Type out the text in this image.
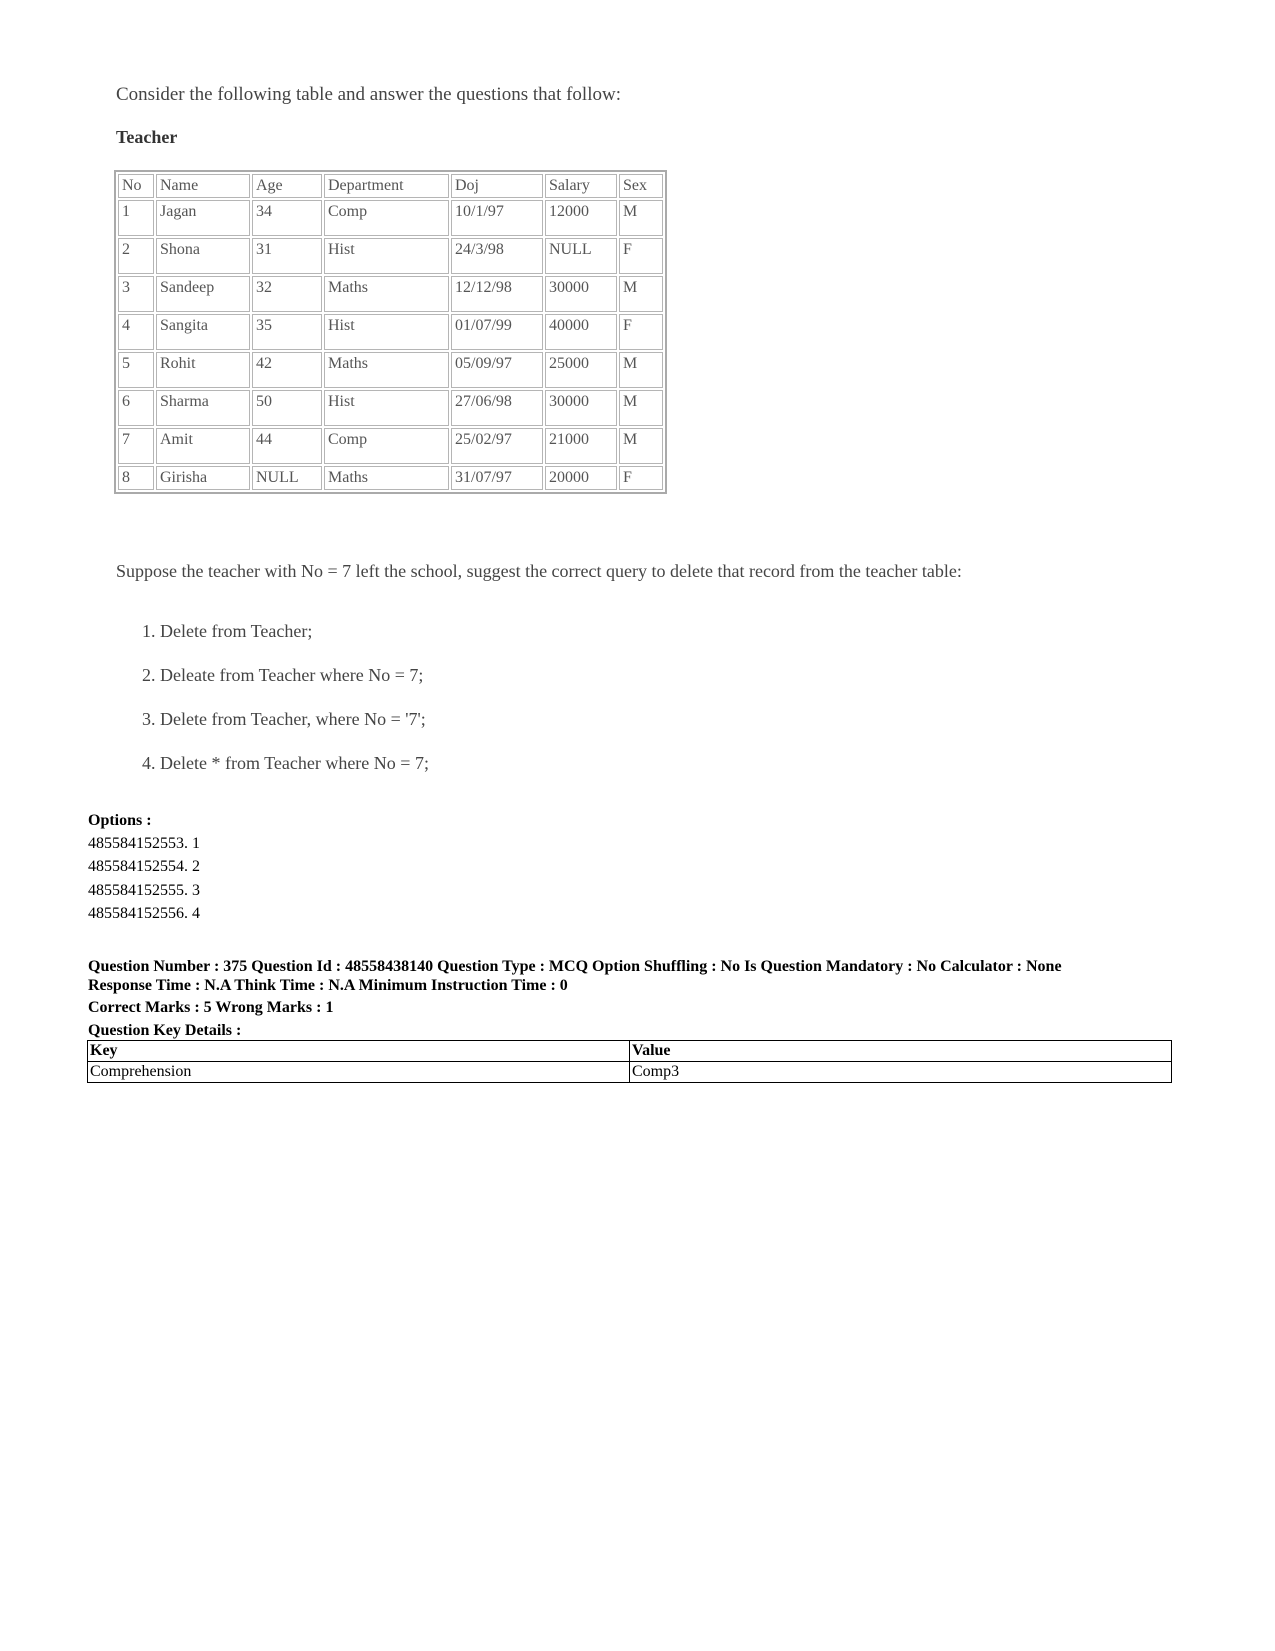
Consider the following table and answer the questions that follow:
Teacher
No	Name	Age	Department	Doj	Salary	Sex
1	Jagan	34	Comp	10/1/97	12000	M
2	Shona	31	Hist	24/3/98	NULL	F
3	Sandeep	32	Maths	12/12/98	30000	M
4	Sangita	35	Hist	01/07/99	40000	F
5	Rohit	42	Maths	05/09/97	25000	M
6	Sharma	50	Hist	27/06/98	30000	M
7	Amit	44	Comp	25/02/97	21000	M
8	Girisha	NULL	Maths	31/07/97	20000	F
Suppose the teacher with No = 7 left the school, suggest the correct query to delete that record from the teacher table:
1. Delete from Teacher;
2. Deleate from Teacher where No = 7;
3. Delete from Teacher, where No = '7';
4. Delete * from Teacher where No = 7;
Options :
485584152553. 1
485584152554. 2
485584152555. 3
485584152556. 4
Question Number : 375 Question Id : 48558438140 Question Type : MCQ Option Shuffling : No Is Question Mandatory : No Calculator : None
Response Time : N.A Think Time : N.A Minimum Instruction Time : 0
Correct Marks : 5 Wrong Marks : 1
Question Key Details :
Key	Value
Comprehension	Comp3
